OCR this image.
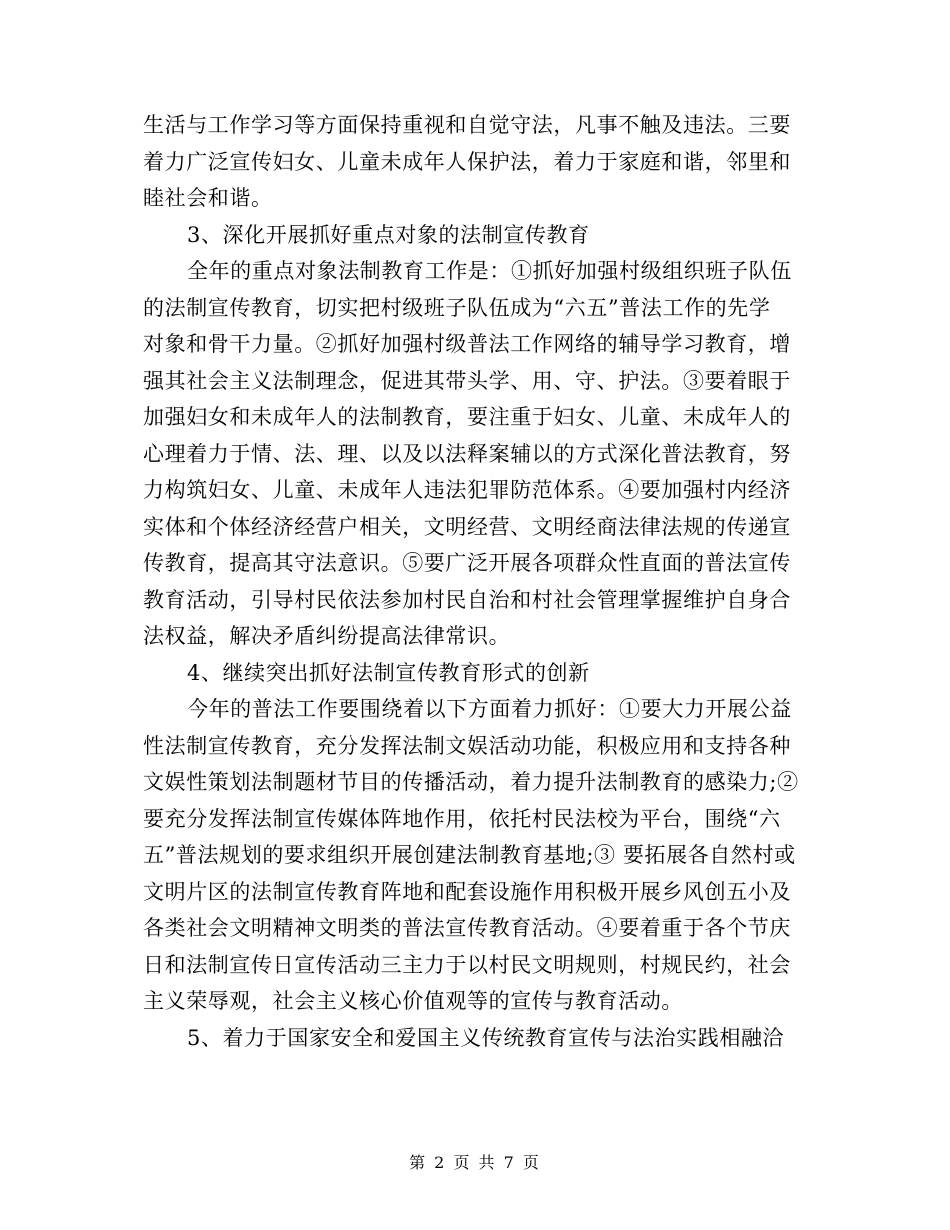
生活与工作学习等方面保持重视和自觉守法，凡事不触及违法。三要
着力广泛宣传妇女、儿童未成年人保护法，着力于家庭和谐，邻里和
睦社会和谐。
3、深化开展抓好重点对象的法制宣传教育
全年的重点对象法制教育工作是：①抓好加强村级组织班子队伍
的法制宣传教育，切实把村级班子队伍成为“六五”普法工作的先学
对象和骨干力量。②抓好加强村级普法工作网络的辅导学习教育，增
强其社会主义法制理念，促进其带头学、用、守、护法。③要着眼于
加强妇女和未成年人的法制教育，要注重于妇女、儿童、未成年人的
心理着力于情、法、理、以及以法释案辅以的方式深化普法教育，努
力构筑妇女、儿童、未成年人违法犯罪防范体系。④要加强村内经济
实体和个体经济经营户相关，文明经营、文明经商法律法规的传递宣
传教育，提高其守法意识。⑤要广泛开展各项群众性直面的普法宣传
教育活动，引导村民依法参加村民自治和村社会管理掌握维护自身合
法权益，解决矛盾纠纷提高法律常识。
4、继续突出抓好法制宣传教育形式的创新
今年的普法工作要围绕着以下方面着力抓好：①要大力开展公益
性法制宣传教育，充分发挥法制文娱活动功能，积极应用和支持各种
文娱性策划法制题材节目的传播活动，着力提升法制教育的感染力;②
要充分发挥法制宣传媒体阵地作用，依托村民法校为平台，围绕“六
五”普法规划的要求组织开展创建法制教育基地;③ 要拓展各自然村或
文明片区的法制宣传教育阵地和配套设施作用积极开展乡风创五小及
各类社会文明精神文明类的普法宣传教育活动。④要着重于各个节庆
日和法制宣传日宣传活动三主力于以村民文明规则，村规民约，社会
主义荣辱观，社会主义核心价值观等的宣传与教育活动。
5、着力于国家安全和爱国主义传统教育宣传与法治实践相融洽
第 2 页 共 7 页
